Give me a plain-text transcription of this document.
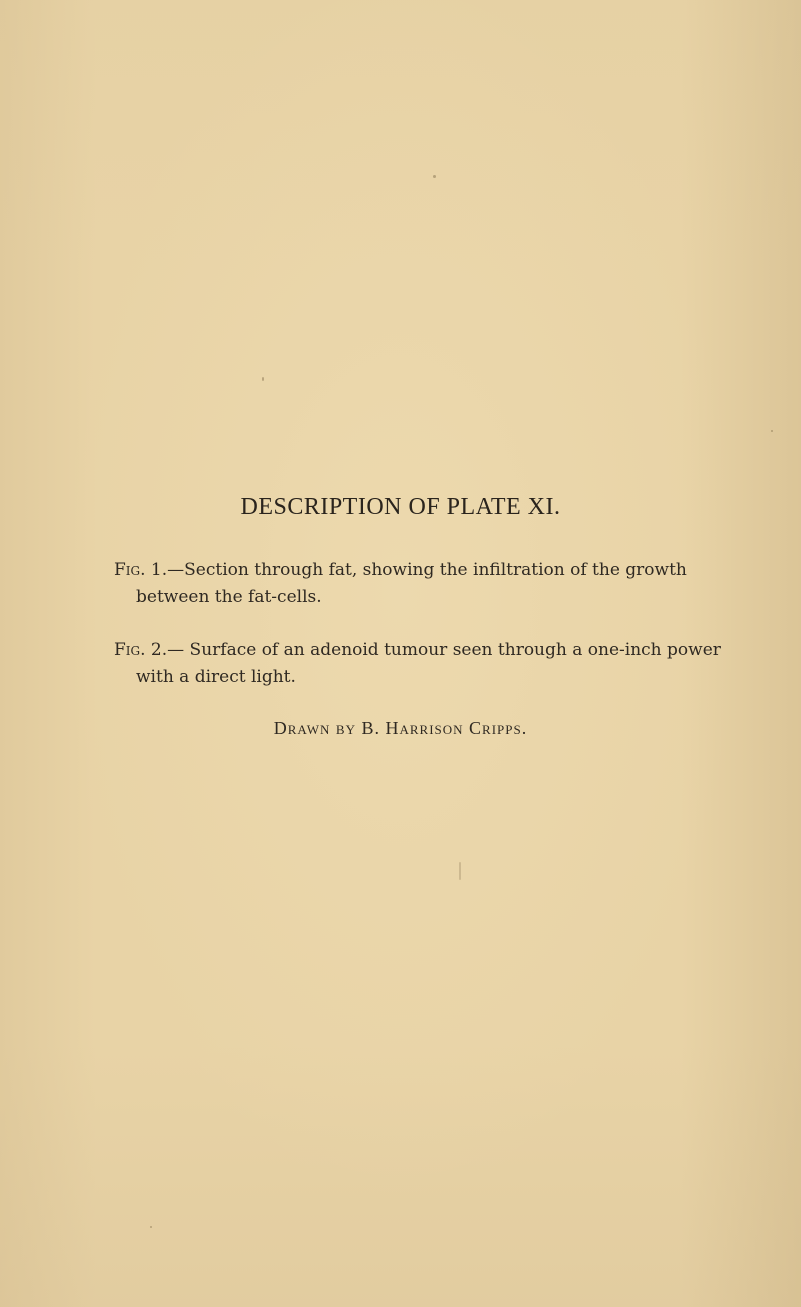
DESCRIPTION OF PLATE XI.

Fig. 1.—Section through fat, showing the infiltration of the growth
between the fat-cells.

Fig. 2.— Surface of an adenoid tumour seen through a one-inch power
with a direct light.

Drawn by B. Harrison Cripps.
